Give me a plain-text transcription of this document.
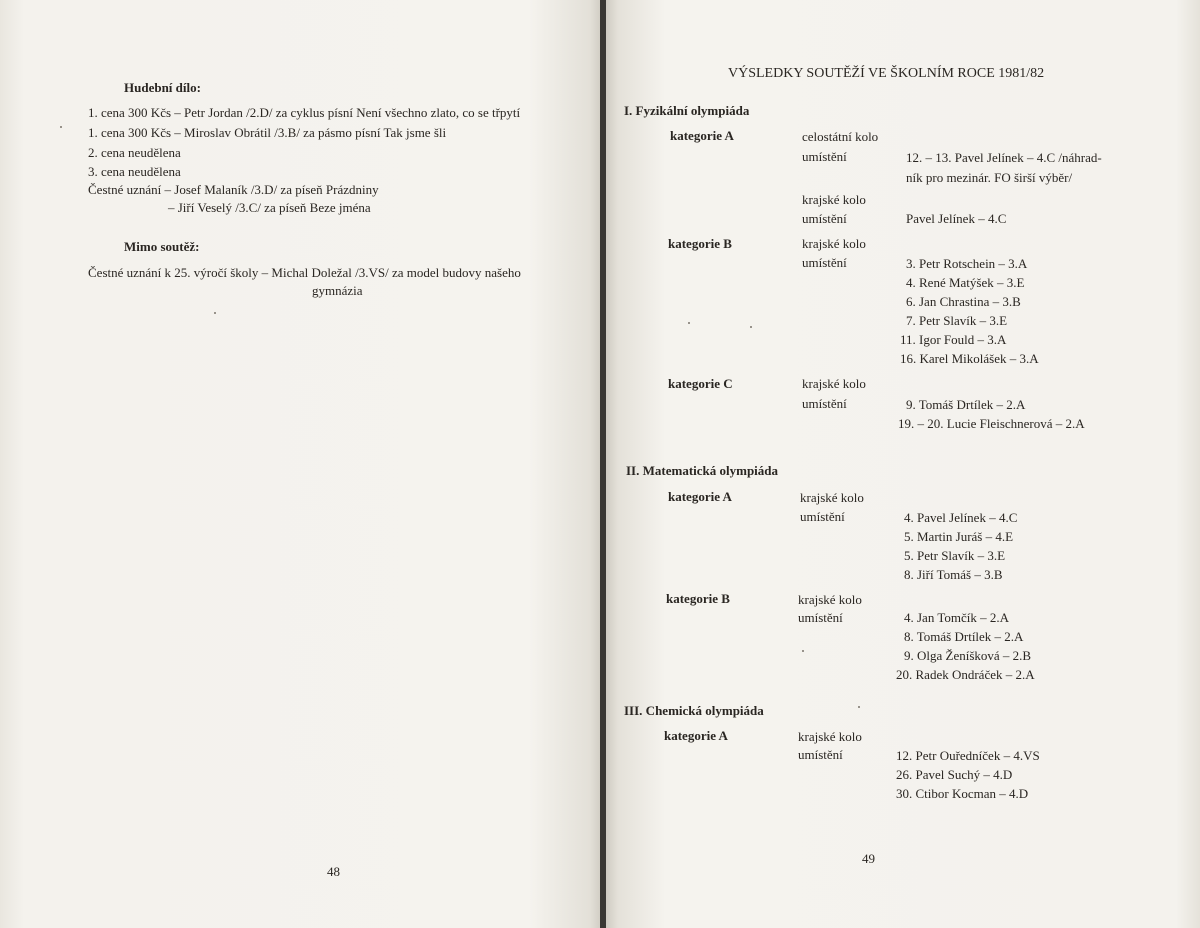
Hudební dílo:
1. cena 300 Kčs – Petr Jordan /2.D/ za cyklus písní Není všechno zlato, co se třpytí
1. cena 300 Kčs – Miroslav Obrátil /3.B/ za pásmo písní Tak jsme šli
2. cena neudělena
3. cena neudělena
Čestné uznání – Josef Malaník /3.D/ za píseň Prázdniny
– Jiří Veselý /3.C/ za píseň Beze jména
Mimo soutěž:
Čestné uznání k 25. výročí školy – Michal Doležal /3.VS/ za model budovy našeho
gymnázia
48
VÝSLEDKY SOUTĚŽÍ VE ŠKOLNÍM ROCE 1981/82
I. Fyzikální olympiáda
kategorie A	celostátní kolo
umístění	12. – 13. Pavel Jelínek – 4.C /náhrad-
ník pro mezinár. FO širší výběr/
krajské kolo
umístění	Pavel Jelínek – 4.C
kategorie B	krajské kolo
umístění	3. Petr Rotschein – 3.A
4. René Matýšek – 3.E
6. Jan Chrastina – 3.B
7. Petr Slavík – 3.E
11. Igor Fould – 3.A
16. Karel Mikolášek – 3.A
kategorie C	krajské kolo
umístění	9. Tomáš Drtílek – 2.A
19. – 20. Lucie Fleischnerová – 2.A
II. Matematická olympiáda
kategorie A	krajské kolo
umístění	4. Pavel Jelínek – 4.C
5. Martin Juráš – 4.E
5. Petr Slavík – 3.E
8. Jiří Tomáš – 3.B
kategorie B	krajské kolo
umístění	4. Jan Tomčík – 2.A
8. Tomáš Drtílek – 2.A
9. Olga Ženíšková – 2.B
20. Radek Ondráček – 2.A
III. Chemická olympiáda
kategorie A	krajské kolo
umístění	12. Petr Ouředníček – 4.VS
26. Pavel Suchý – 4.D
30. Ctibor Kocman – 4.D
49
